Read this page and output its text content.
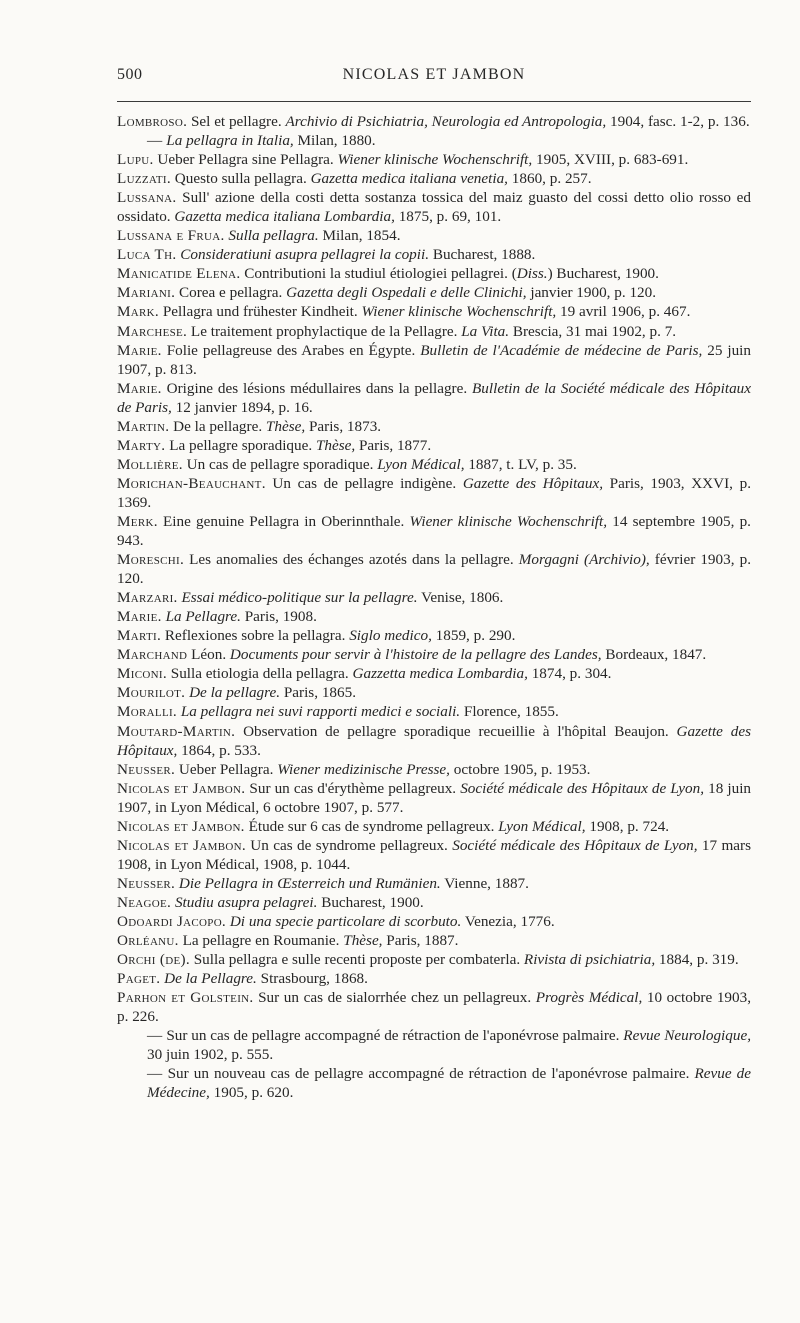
500	NICOLAS ET JAMBON
Lombroso. Sel et pellagre. Archivio di Psichiatria, Neurologia ed Antropologia, 1904, fasc. 1-2, p. 136.
— La pellagra in Italia, Milan, 1880.
Lupu. Ueber Pellagra sine Pellagra. Wiener klinische Wochenschrift, 1905, XVIII, p. 683-691.
Luzzati. Questo sulla pellagra. Gazetta medica italiana venetia, 1860, p. 257.
Lussana. Sull' azione della costi detta sostanza tossica del maiz guasto del cossi detto olio rosso ed ossidato. Gazetta medica italiana Lombardia, 1875, p. 69, 101.
Lussana e Frua. Sulla pellagra. Milan, 1854.
Luca Th. Consideratiuni asupra pellagrei la copii. Bucharest, 1888.
Manicatide Elena. Contributioni la studiul étiologiei pellagrei. (Diss.) Bucharest, 1900.
Mariani. Corea e pellagra. Gazetta degli Ospedali e delle Clinichi, janvier 1900, p. 120.
Mark. Pellagra und frühester Kindheit. Wiener klinische Wochenschrift, 19 avril 1906, p. 467.
Marchese. Le traitement prophylactique de la Pellagre. La Vita. Brescia, 31 mai 1902, p. 7.
Marie. Folie pellagreuse des Arabes en Égypte. Bulletin de l'Académie de médecine de Paris, 25 juin 1907, p. 813.
Marie. Origine des lésions médullaires dans la pellagre. Bulletin de la Société médicale des Hôpitaux de Paris, 12 janvier 1894, p. 16.
Martin. De la pellagre. Thèse, Paris, 1873.
Marty. La pellagre sporadique. Thèse, Paris, 1877.
Mollière. Un cas de pellagre sporadique. Lyon Médical, 1887, t. LV, p. 35.
Morichan-Beauchant. Un cas de pellagre indigène. Gazette des Hôpitaux, Paris, 1903, XXVI, p. 1369.
Merk. Eine genuine Pellagra in Oberinnthale. Wiener klinische Wochenschrift, 14 septembre 1905, p. 943.
Moreschi. Les anomalies des échanges azotés dans la pellagre. Morgagni (Archivio), février 1903, p. 120.
Marzari. Essai médico-politique sur la pellagre. Venise, 1806.
Marie. La Pellagre. Paris, 1908.
Marti. Reflexiones sobre la pellagra. Siglo medico, 1859, p. 290.
Marchand Léon. Documents pour servir à l'histoire de la pellagre des Landes, Bordeaux, 1847.
Miconi. Sulla etiologia della pellagra. Gazzetta medica Lombardia, 1874, p. 304.
Mourilot. De la pellagre. Paris, 1865.
Moralli. La pellagra nei suvi rapporti medici e sociali. Florence, 1855.
Moutard-Martin. Observation de pellagre sporadique recueillie à l'hôpital Beaujon. Gazette des Hôpitaux, 1864, p. 533.
Neusser. Ueber Pellagra. Wiener medizinische Presse, octobre 1905, p. 1953.
Nicolas et Jambon. Sur un cas d'érythème pellagreux. Société médicale des Hôpitaux de Lyon, 18 juin 1907, in Lyon Médical, 6 octobre 1907, p. 577.
Nicolas et Jambon. Étude sur 6 cas de syndrome pellagreux. Lyon Médical, 1908, p. 724.
Nicolas et Jambon. Un cas de syndrome pellagreux. Société médicale des Hôpitaux de Lyon, 17 mars 1908, in Lyon Médical, 1908, p. 1044.
Neusser. Die Pellagra in Œsterreich und Rumänien. Vienne, 1887.
Neagoe. Studiu asupra pelagrei. Bucharest, 1900.
Odoardi Jacopo. Di una specie particolare di scorbuto. Venezia, 1776.
Orléanu. La pellagre en Roumanie. Thèse, Paris, 1887.
Orchi (de). Sulla pellagra e sulle recenti proposte per combaterla. Rivista di psichiatria, 1884, p. 319.
Paget. De la Pellagre. Strasbourg, 1868.
Parhon et Golstein. Sur un cas de sialorrhée chez un pellagreux. Progrès Médical, 10 octobre 1903, p. 226.
— Sur un cas de pellagre accompagné de rétraction de l'aponévrose palmaire. Revue Neurologique, 30 juin 1902, p. 555.
— Sur un nouveau cas de pellagre accompagné de rétraction de l'aponévrose palmaire. Revue de Médecine, 1905, p. 620.
